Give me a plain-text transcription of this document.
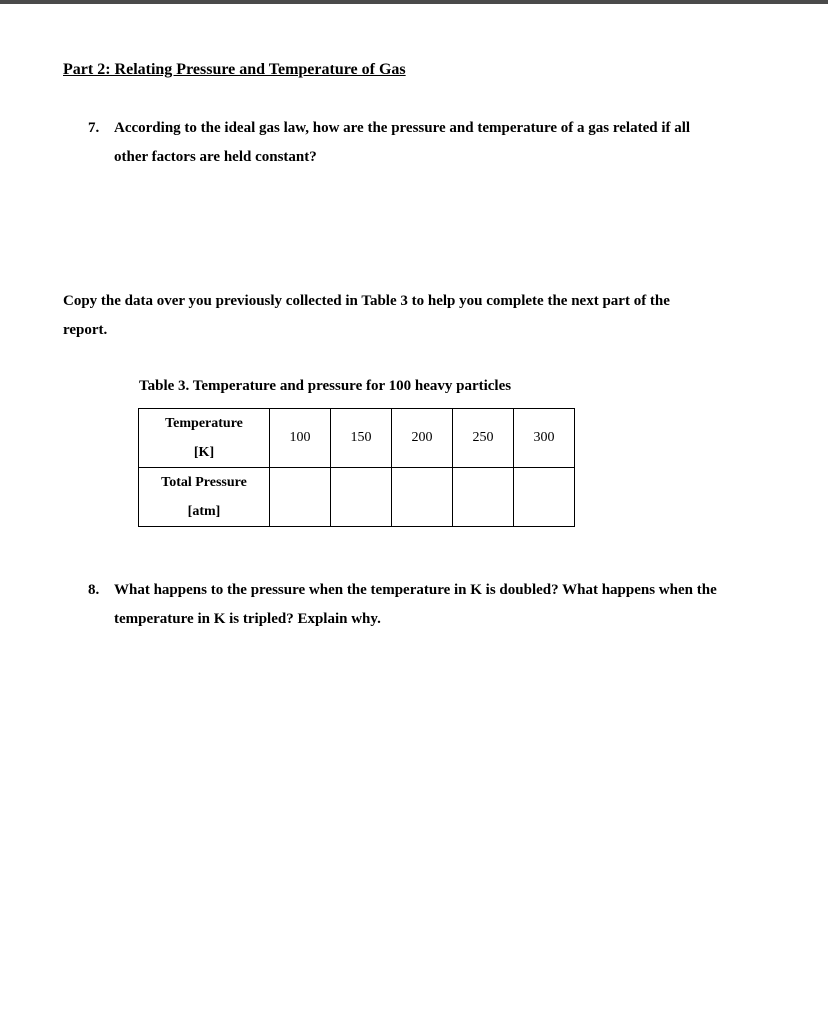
Part 2: Relating Pressure and Temperature of Gas
7. According to the ideal gas law, how are the pressure and temperature of a gas related if all
other factors are held constant?
Copy the data over you previously collected in Table 3 to help you complete the next part of the
report.
Table 3. Temperature and pressure for 100 heavy particles
Temperature
[K]	100	150	200	250	300

Total Pressure
[atm]					

8. What happens to the pressure when the temperature in K is doubled? What happens when the
temperature in K is tripled? Explain why.
